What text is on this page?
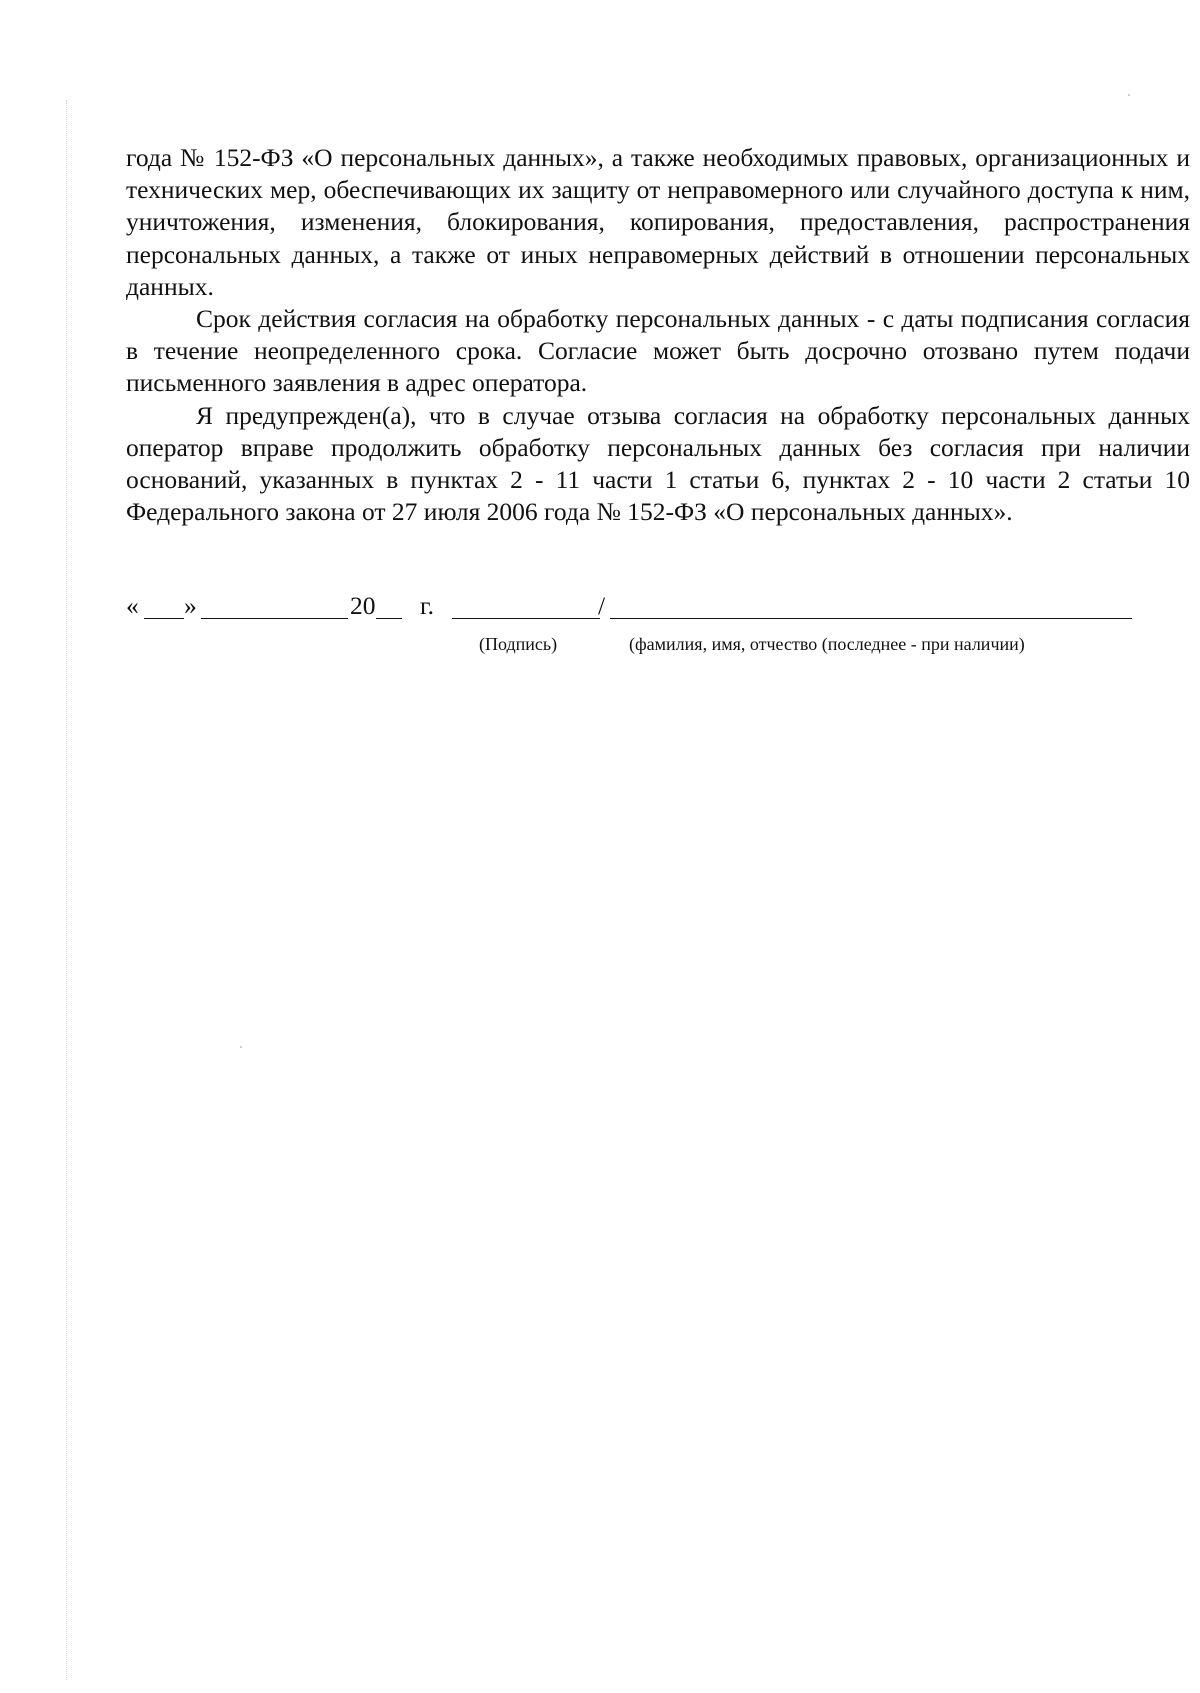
года № 152-ФЗ «О персональных данных», а также необходимых правовых, организационных и технических мер, обеспечивающих их защиту от неправомерного или случайного доступа к ним, уничтожения, изменения, блокирования, копирования, предоставления, распространения персональных данных, а также от иных неправомерных действий в отношении персональных данных.

Срок действия согласия на обработку персональных данных - с даты подписания согласия в течение неопределенного срока. Согласие может быть досрочно отозвано путем подачи письменного заявления в адрес оператора.

Я предупрежден(а), что в случае отзыва согласия на обработку персональных данных оператор вправе продолжить обработку персональных данных без согласия при наличии оснований, указанных в пунктах 2 - 11 части 1 статьи 6, пунктах 2 - 10 части 2 статьи 10 Федерального закона от 27 июля 2006 года № 152-ФЗ «О персональных данных».

« »	20 г.	/
(Подпись)	(фамилия, имя, отчество (последнее - при наличии)
